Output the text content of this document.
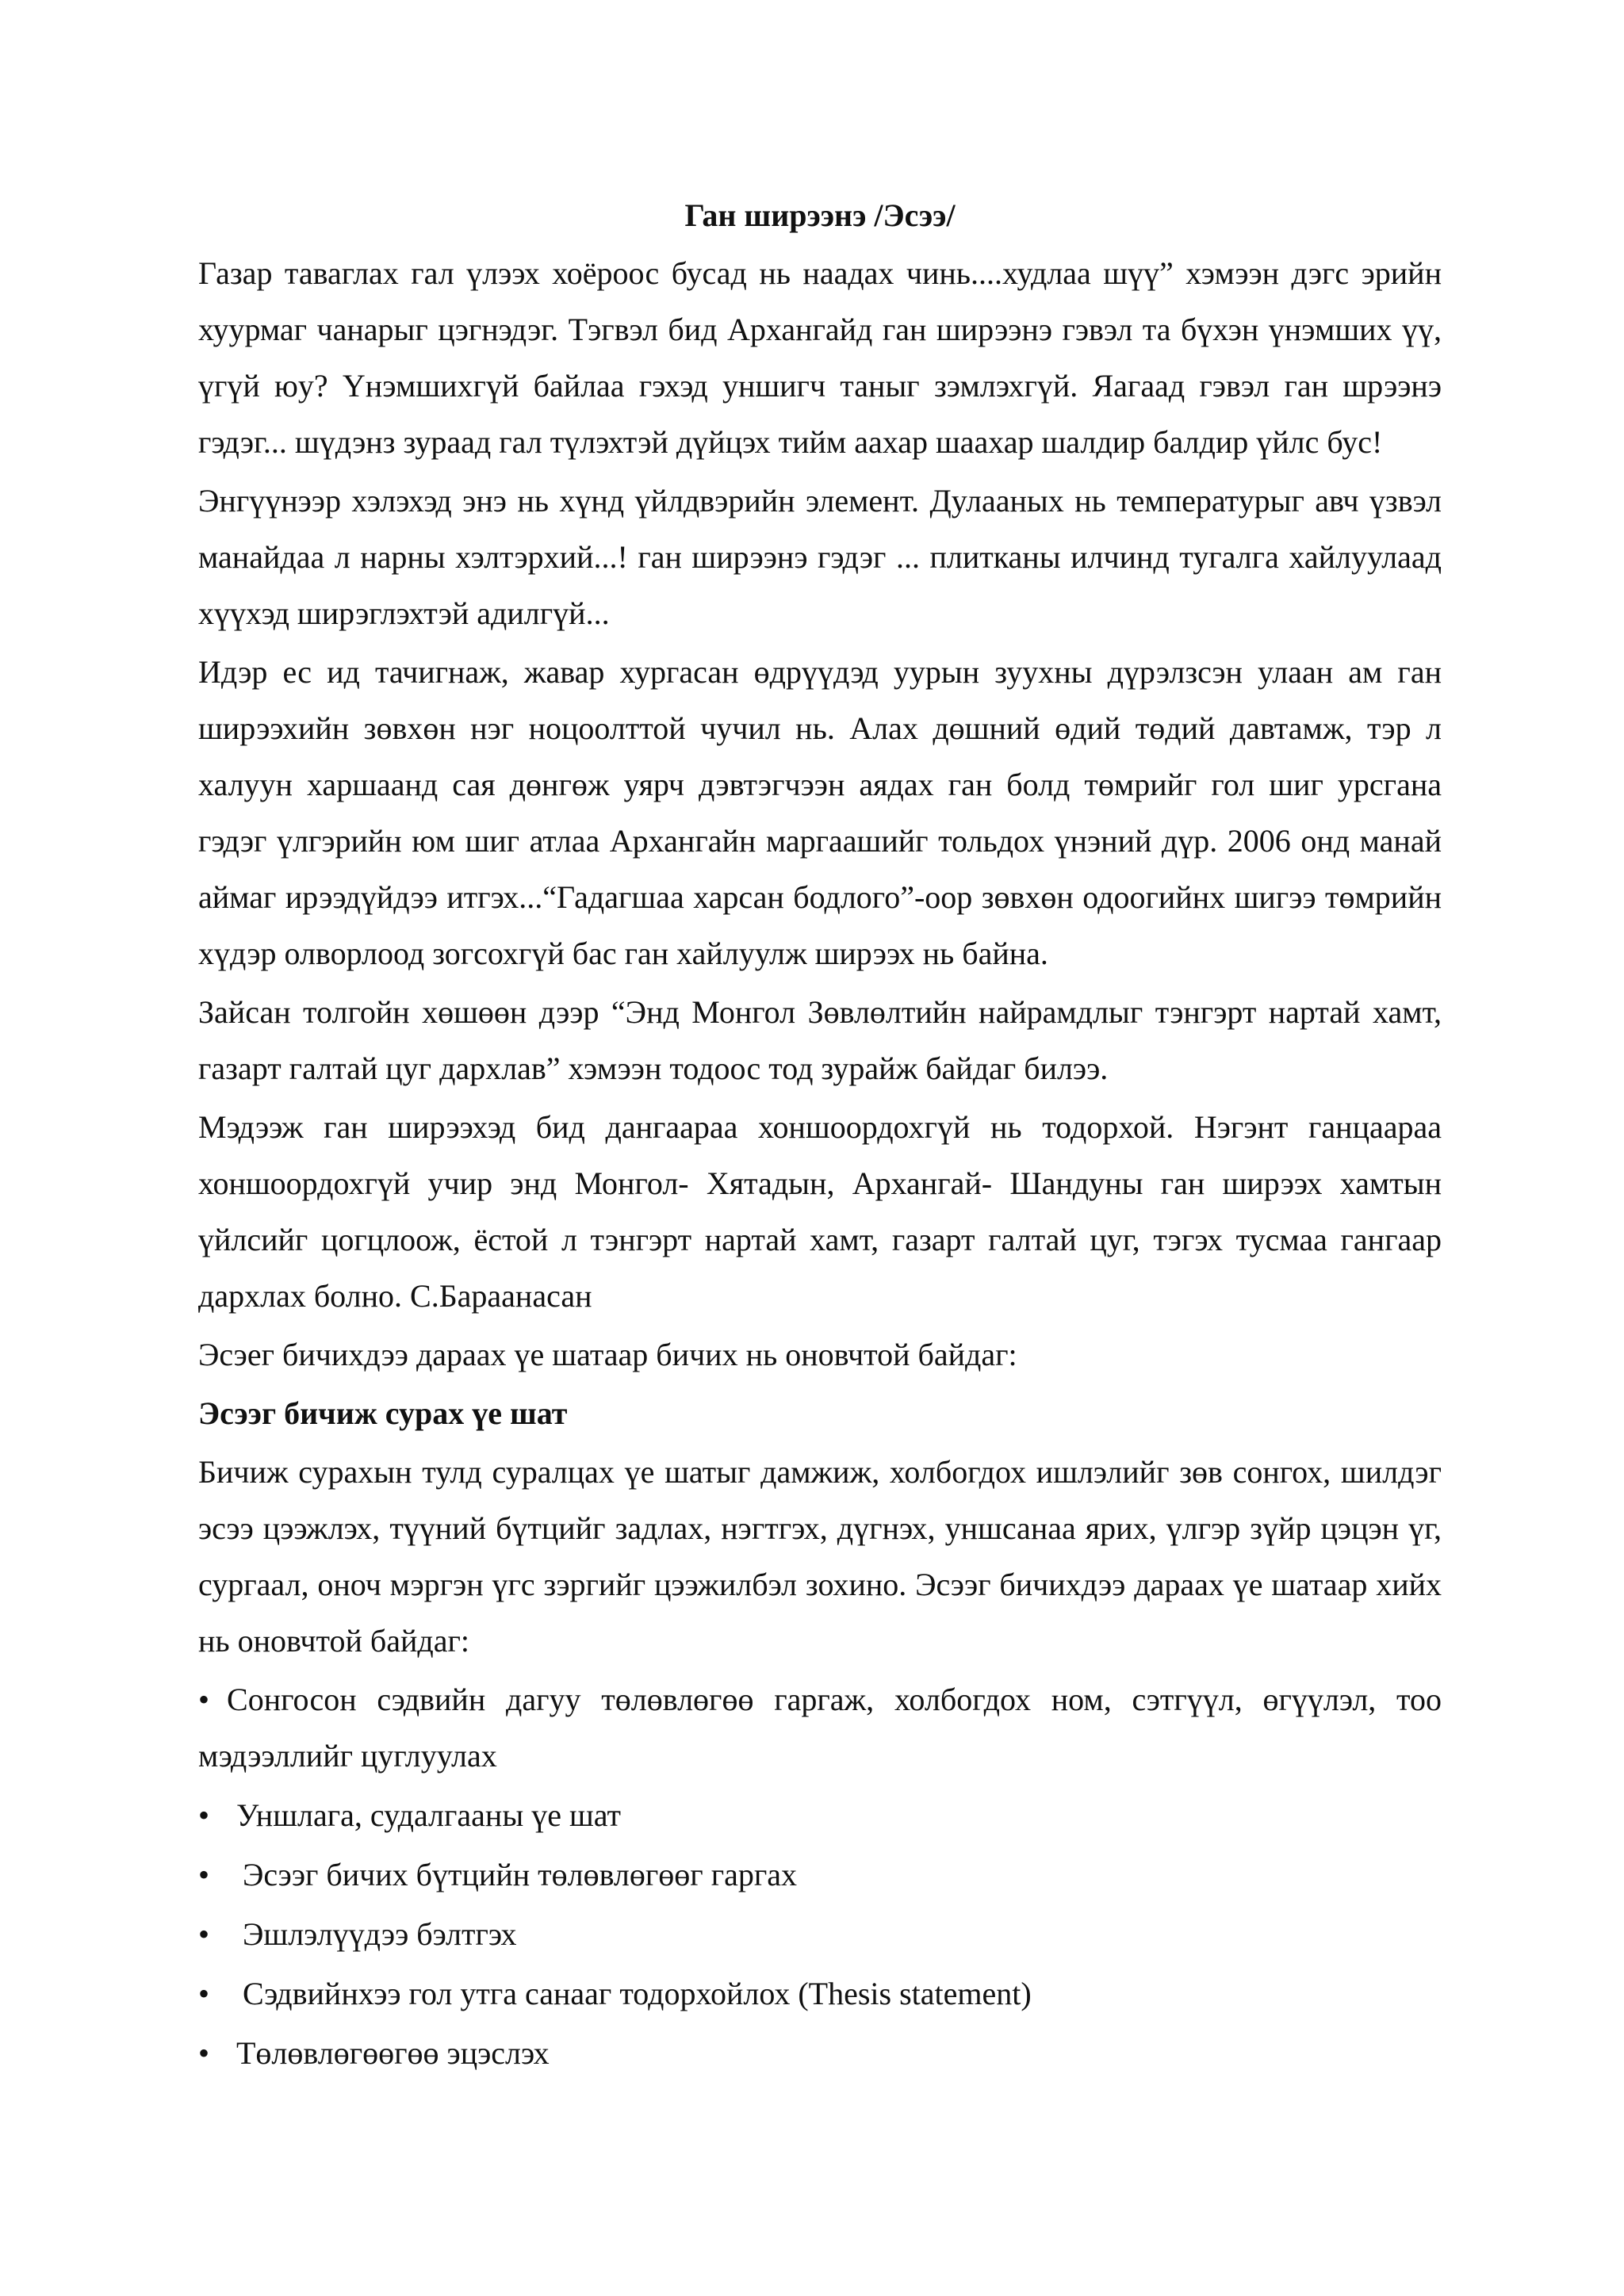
Ган ширээнэ /Эсээ/
Газар таваглах гал үлээх хоёроос бусад нь наадах чинь....худлаа шүү” хэмээн дэгс эрийн хуурмаг чанарыг цэгнэдэг. Тэгвэл бид Архангайд ган ширээнэ гэвэл та бүхэн үнэмших үү, үгүй юу? Үнэмшихгүй байлаа гэхэд уншигч таныг зэмлэхгүй. Яагаад гэвэл ган шрээнэ гэдэг... шүдэнз зураад гал түлэхтэй дүйцэх тийм аахар шаахар шалдир балдир үйлс бус!
Энгүүнээр хэлэхэд энэ нь хүнд үйлдвэрийн элемент. Дулааных нь температурыг авч үзвэл манайдаа л нарны хэлтэрхий...! ган ширээнэ гэдэг ... плитканы илчинд тугалга хайлуулаад хүүхэд ширэглэхтэй адилгүй...
Идэр ес ид тачигнаж, жавар хургасан өдрүүдэд уурын зуухны дүрэлзсэн улаан ам ган ширээхийн зөвхөн нэг ноцоолттой чучил нь. Алах дөшний өдий төдий давтамж, тэр л халуун харшаанд сая дөнгөж уярч дэвтэгчээн аядах ган болд төмрийг гол шиг урсгана гэдэг үлгэрийн юм шиг атлаа Архангайн маргаашийг тольдох үнэний дүр. 2006 онд манай аймаг ирээдүйдээ итгэх...“Гадагшаа харсан бодлого”-оор зөвхөн одоогийнх шигээ төмрийн хүдэр олворлоод зогсохгүй бас ган хайлуулж ширээх нь байна.
Зайсан толгойн хөшөөн дээр “Энд Монгол Зөвлөлтийн найрамдлыг тэнгэрт нартай хамт, газарт галтай цуг дархлав” хэмээн тодоос тод зурайж байдаг билээ.
Мэдээж ган ширээхэд бид дангаараа хоншоордохгүй нь тодорхой. Нэгэнт ганцаараа хоншоордохгүй учир энд Монгол- Хятадын, Архангай- Шандуны ган ширээх хамтын үйлсийг цогцлоож, ёстой л тэнгэрт нартай хамт, газарт галтай цуг, тэгэх тусмаа гангаар дархлах болно. С.Бараанасан
Эсэег бичихдээ дараах үе шатаар бичих нь оновчтой байдаг:
Эсээг бичиж сурах үе шат
Бичиж сурахын тулд суралцах үе шатыг дамжиж, холбогдох ишлэлийг зөв сонгох, шилдэг эсээ цээжлэх, түүний бүтцийг задлах, нэгтгэх, дүгнэх, уншсанаа ярих, үлгэр зүйр цэцэн үг, сургаал, оноч мэргэн үгс зэргийг цээжилбэл зохино. Эсээг бичихдээ дараах үе шатаар хийх нь оновчтой байдаг:
• Сонгосон сэдвийн дагуу төлөвлөгөө гаргаж, холбогдох ном, сэтгүүл, өгүүлэл, тоо мэдээллийг цуглуулах
• Уншлага, судалгааны үе шат
• Эсээг бичих бүтцийн төлөвлөгөөг гаргах
• Эшлэлүүдээ бэлтгэх
• Сэдвийнхээ гол утга санааг тодорхойлох (Thesis statement)
• Төлөвлөгөөгөө эцэслэх
